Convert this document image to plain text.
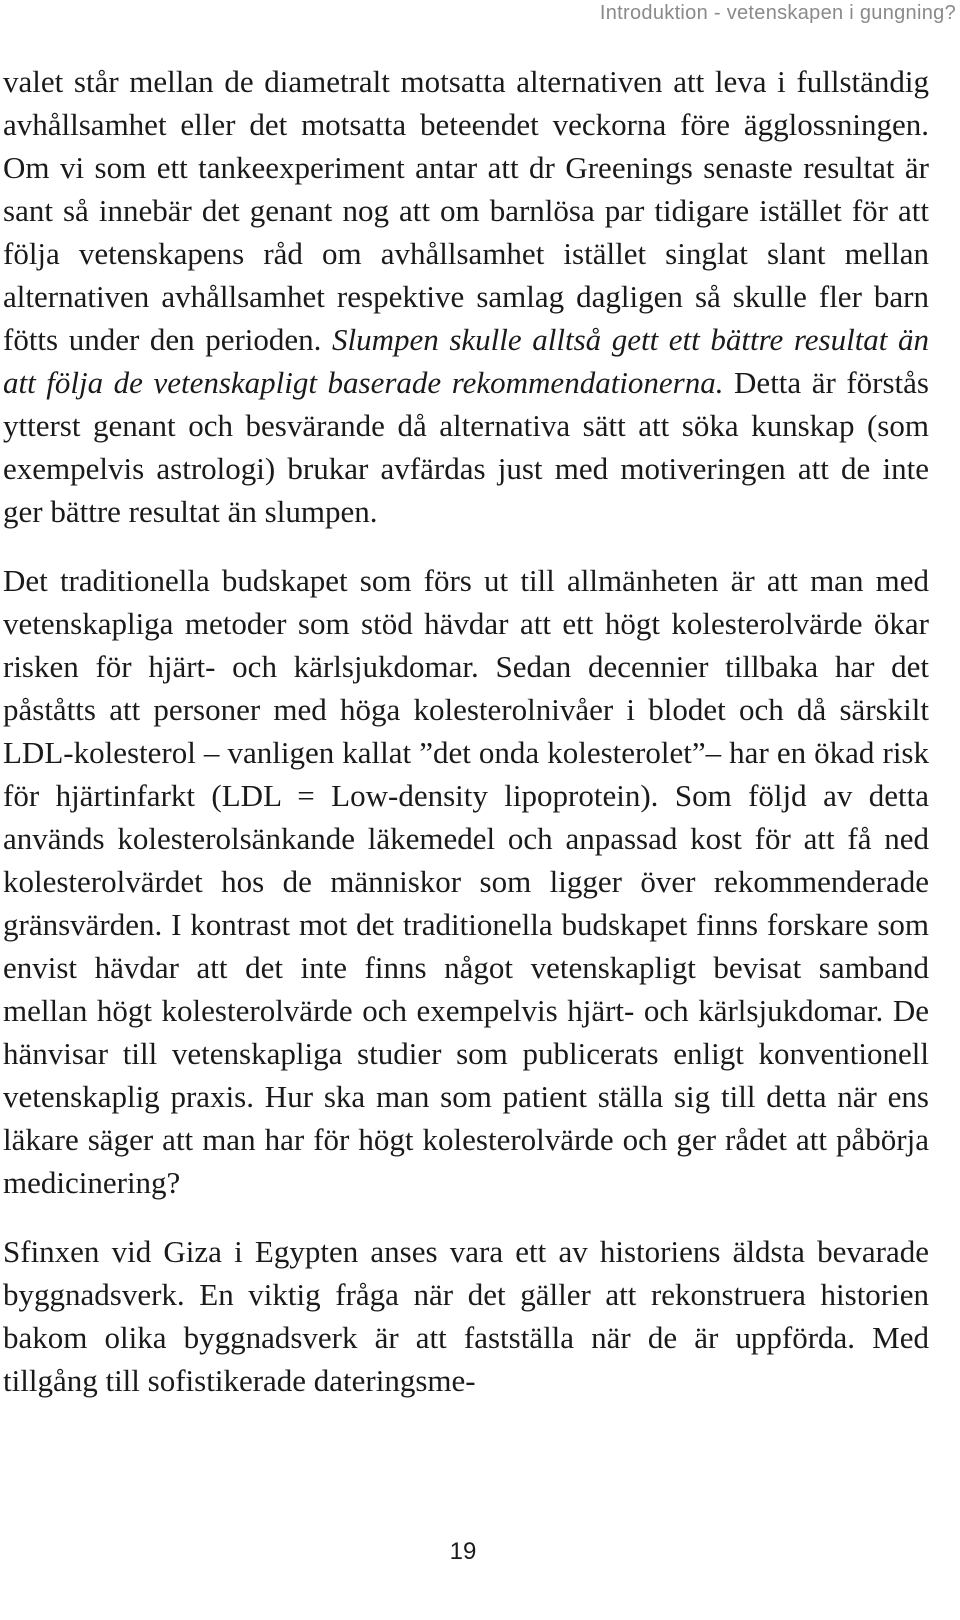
Introduktion - vetenskapen i gungning?

valet står mellan de diametralt motsatta alternativen att leva i fullständig avhållsamhet eller det motsatta beteendet veckorna före ägglossningen. Om vi som ett tankeexperiment antar att dr Greenings senaste resultat är sant så innebär det genant nog att om barnlösa par tidigare istället för att följa vetenskapens råd om avhållsamhet istället singlat slant mellan alternativen avhållsamhet respektive samlag dagligen så skulle fler barn fötts under den perioden. Slumpen skulle alltså gett ett bättre resultat än att följa de vetenskapligt baserade rekommendationerna. Detta är förstås ytterst genant och besvärande då alternativa sätt att söka kunskap (som exempelvis astrologi) brukar avfärdas just med motiveringen att de inte ger bättre resultat än slumpen.

Det traditionella budskapet som förs ut till allmänheten är att man med vetenskapliga metoder som stöd hävdar att ett högt kolesterolvärde ökar risken för hjärt- och kärlsjukdomar. Sedan decennier tillbaka har det påståtts att personer med höga kolesterolnivåer i blodet och då särskilt LDL-kolesterol – vanligen kallat ”det onda kolesterolet”– har en ökad risk för hjärtinfarkt (LDL = Low-density lipoprotein). Som följd av detta används kolesterolsänkande läkemedel och anpassad kost för att få ned kolesterolvärdet hos de människor som ligger över rekommenderade gränsvärden. I kontrast mot det traditionella budskapet finns forskare som envist hävdar att det inte finns något vetenskapligt bevisat samband mellan högt kolesterolvärde och exempelvis hjärt- och kärlsjukdomar. De hänvisar till vetenskapliga studier som publicerats enligt konventionell vetenskaplig praxis. Hur ska man som patient ställa sig till detta när ens läkare säger att man har för högt kolesterolvärde och ger rådet att påbörja medicinering?

Sfinxen vid Giza i Egypten anses vara ett av historiens äldsta bevarade byggnadsverk. En viktig fråga när det gäller att rekonstruera historien bakom olika byggnadsverk är att fastställa när de är uppförda. Med tillgång till sofistikerade dateringsme-

19
